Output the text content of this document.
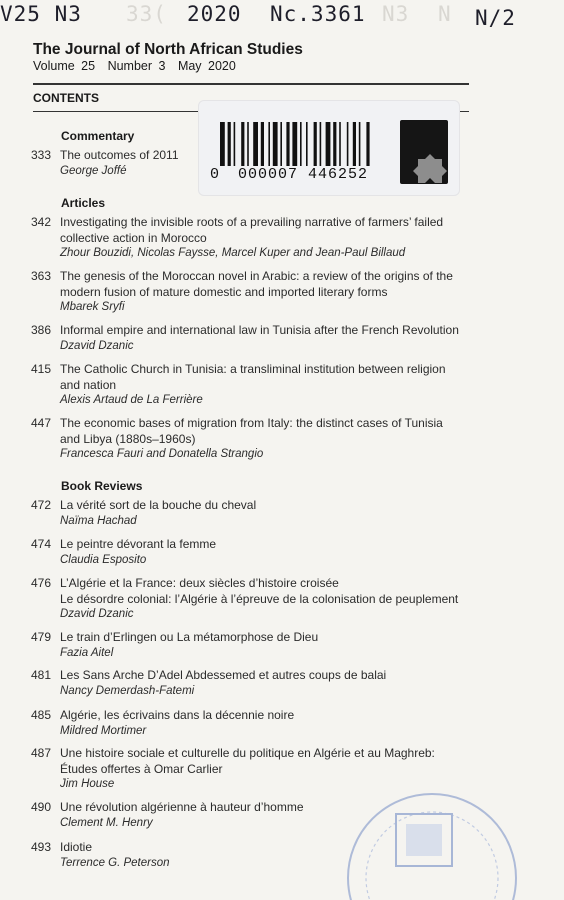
V25 N3 33( 2020 Nc.3361 N3 N N/2
The Journal of North African Studies
Volume 25 Number 3 May 2020
CONTENTS
0 000007 446252
Commentary
333 The outcomes of 2011
George Joffé
Articles
342 Investigating the invisible roots of a prevailing narrative of farmers’ failed
collective action in Morocco
Zhour Bouzidi, Nicolas Faysse, Marcel Kuper and Jean-Paul Billaud
363 The genesis of the Moroccan novel in Arabic: a review of the origins of the
modern fusion of mature domestic and imported literary forms
Mbarek Sryfi
386 Informal empire and international law in Tunisia after the French Revolution
Dzavid Dzanic
415 The Catholic Church in Tunisia: a transliminal institution between religion
and nation
Alexis Artaud de La Ferrière
447 The economic bases of migration from Italy: the distinct cases of Tunisia
and Libya (1880s–1960s)
Francesca Fauri and Donatella Strangio
Book Reviews
472 La vérité sort de la bouche du cheval
Naïma Hachad
474 Le peintre dévorant la femme
Claudia Esposito
476 L’Algérie et la France: deux siècles d’histoire croisée
Le désordre colonial: l’Algérie à l’épreuve de la colonisation de peuplement
Dzavid Dzanic
479 Le train d’Erlingen ou La métamorphose de Dieu
Fazia Aitel
481 Les Sans Arche D’Adel Abdessemed et autres coups de balai
Nancy Demerdash-Fatemi
485 Algérie, les écrivains dans la décennie noire
Mildred Mortimer
487 Une histoire sociale et culturelle du politique en Algérie et au Maghreb:
Études offertes à Omar Carlier
Jim House
490 Une révolution algérienne à hauteur d’homme
Clement M. Henry
493 Idiotie
Terrence G. Peterson
